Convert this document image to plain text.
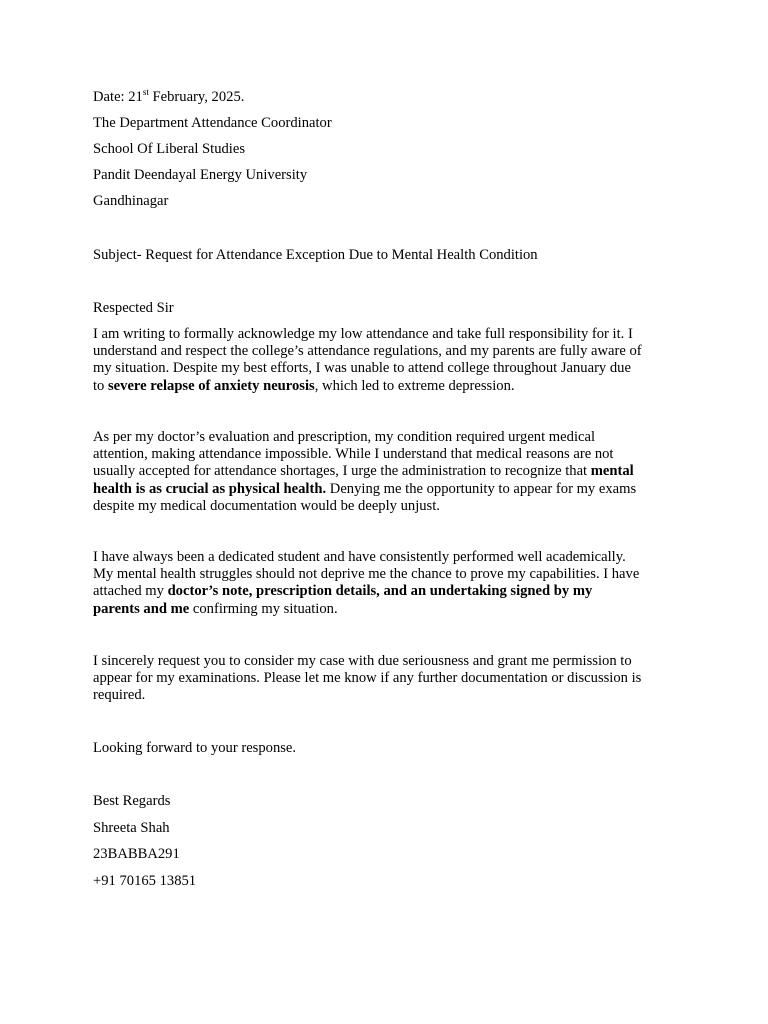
Date: 21st February, 2025.
The Department Attendance Coordinator
School Of Liberal Studies
Pandit Deendayal Energy University
Gandhinagar
Subject- Request for Attendance Exception Due to Mental Health Condition
Respected Sir
I am writing to formally acknowledge my low attendance and take full responsibility for it. I
understand and respect the college’s attendance regulations, and my parents are fully aware of
my situation. Despite my best efforts, I was unable to attend college throughout January due
to severe relapse of anxiety neurosis, which led to extreme depression.
As per my doctor’s evaluation and prescription, my condition required urgent medical
attention, making attendance impossible. While I understand that medical reasons are not
usually accepted for attendance shortages, I urge the administration to recognize that mental
health is as crucial as physical health. Denying me the opportunity to appear for my exams
despite my medical documentation would be deeply unjust.
I have always been a dedicated student and have consistently performed well academically.
My mental health struggles should not deprive me the chance to prove my capabilities. I have
attached my doctor’s note, prescription details, and an undertaking signed by my
parents and me confirming my situation.
I sincerely request you to consider my case with due seriousness and grant me permission to
appear for my examinations. Please let me know if any further documentation or discussion is
required.
Looking forward to your response.
Best Regards
Shreeta Shah
23BABBA291
+91 70165 13851
